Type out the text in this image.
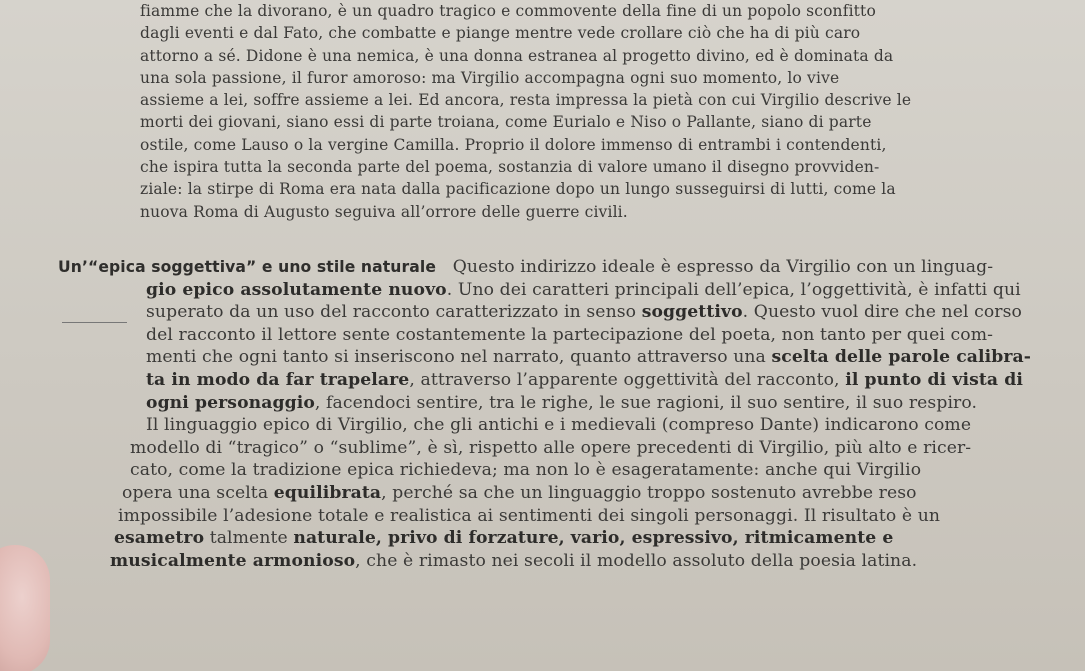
fiamme che la divorano, è un quadro tragico e commovente della fine di un popolo sconfitto
dagli eventi e dal Fato, che combatte e piange mentre vede crollare ciò che ha di più caro
attorno a sé. Didone è una nemica, è una donna estranea al progetto divino, ed è dominata da
una sola passione, il furor amoroso: ma Virgilio accompagna ogni suo momento, lo vive
assieme a lei, soffre assieme a lei. Ed ancora, resta impressa la pietà con cui Virgilio descrive le
morti dei giovani, siano essi di parte troiana, come Eurialo e Niso o Pallante, siano di parte
ostile, come Lauso o la vergine Camilla. Proprio il dolore immenso di entrambi i contendenti,
che ispira tutta la seconda parte del poema, sostanzia di valore umano il disegno provviden-
ziale: la stirpe di Roma era nata dalla pacificazione dopo un lungo susseguirsi di lutti, come la
nuova Roma di Augusto seguiva all’orrore delle guerre civili.
Un’“epica soggettiva” e uno stile naturale Questo indirizzo ideale è espresso da Virgilio con un linguag-
gio epico assolutamente nuovo. Uno dei caratteri principali dell’epica, l’oggettività, è infatti qui
superato da un uso del racconto caratterizzato in senso soggettivo. Questo vuol dire che nel corso
del racconto il lettore sente costantemente la partecipazione del poeta, non tanto per quei com-
menti che ogni tanto si inseriscono nel narrato, quanto attraverso una scelta delle parole calibra-
ta in modo da far trapelare, attraverso l’apparente oggettività del racconto, il punto di vista di
ogni personaggio, facendoci sentire, tra le righe, le sue ragioni, il suo sentire, il suo respiro.
Il linguaggio epico di Virgilio, che gli antichi e i medievali (compreso Dante) indicarono come
modello di “tragico” o “sublime”, è sì, rispetto alle opere precedenti di Virgilio, più alto e ricer-
cato, come la tradizione epica richiedeva; ma non lo è esageratamente: anche qui Virgilio
opera una scelta equilibrata, perché sa che un linguaggio troppo sostenuto avrebbe reso
impossibile l’adesione totale e realistica ai sentimenti dei singoli personaggi. Il risultato è un
esametro talmente naturale, privo di forzature, vario, espressivo, ritmicamente e
musicalmente armonioso, che è rimasto nei secoli il modello assoluto della poesia latina.
